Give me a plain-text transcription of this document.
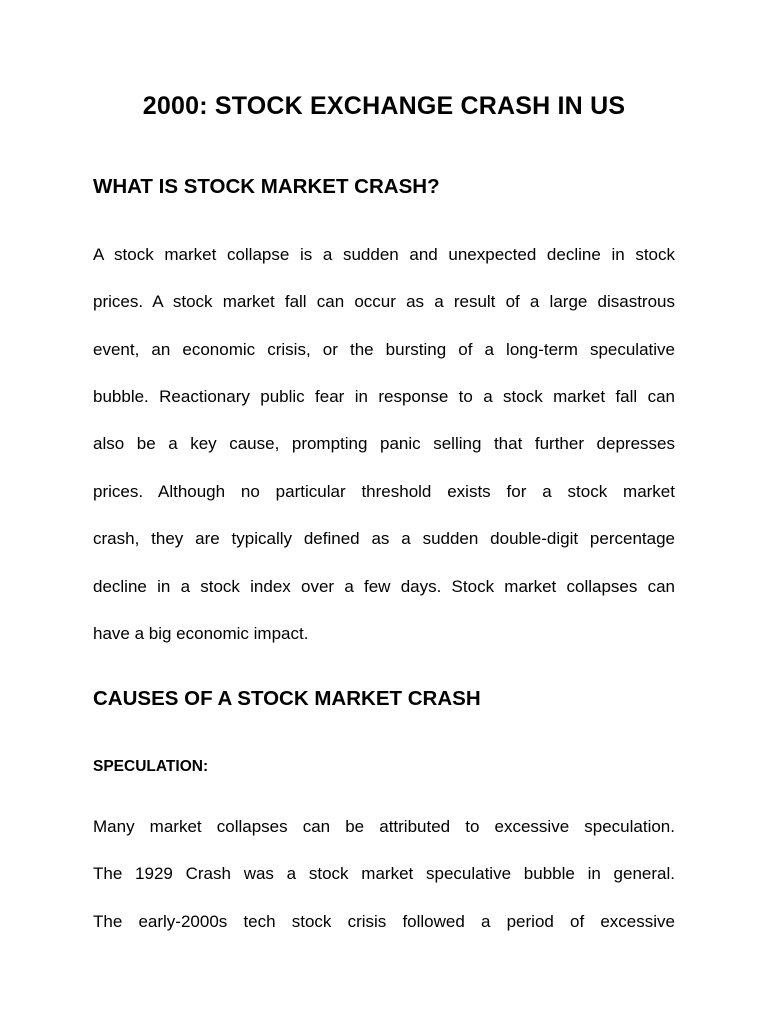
2000: STOCK EXCHANGE CRASH IN US
WHAT IS STOCK MARKET CRASH?
A stock market collapse is a sudden and unexpected decline in stock
prices. A stock market fall can occur as a result of a large disastrous
event, an economic crisis, or the bursting of a long-term speculative
bubble. Reactionary public fear in response to a stock market fall can
also be a key cause, prompting panic selling that further depresses
prices. Although no particular threshold exists for a stock market
crash, they are typically defined as a sudden double-digit percentage
decline in a stock index over a few days. Stock market collapses can
have a big economic impact.
CAUSES OF A STOCK MARKET CRASH
SPECULATION:
Many market collapses can be attributed to excessive speculation.
The 1929 Crash was a stock market speculative bubble in general.
The early-2000s tech stock crisis followed a period of excessive
